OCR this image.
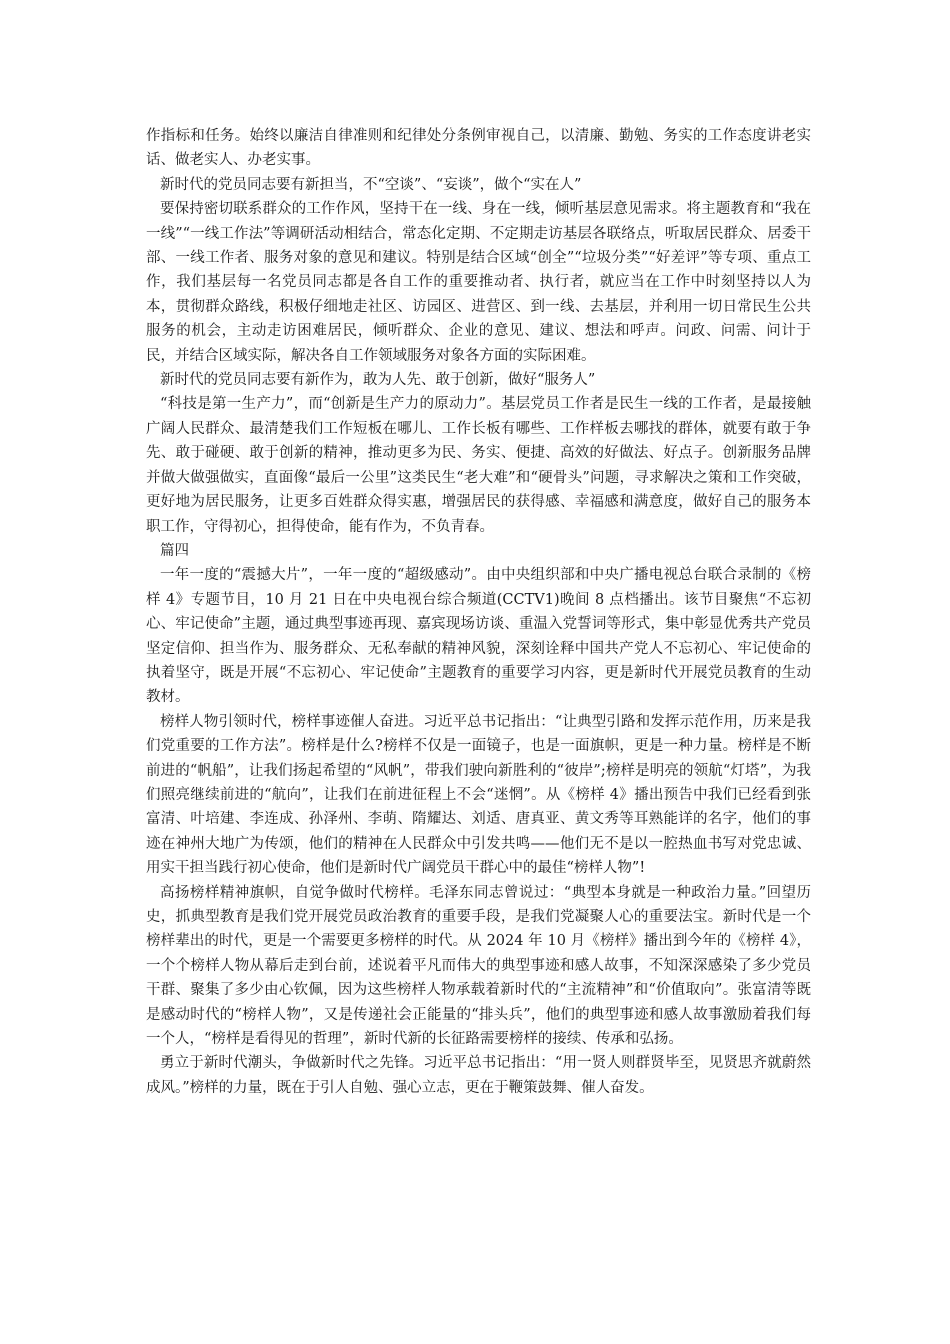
作指标和任务。始终以廉洁自律准则和纪律处分条例审视自己，以清廉、勤勉、务实的工作态度讲老实话、做老实人、办老实事。

新时代的党员同志要有新担当，不“空谈”、“妄谈”，做个“实在人”

要保持密切联系群众的工作作风，坚持干在一线、身在一线，倾听基层意见需求。将主题教育和“我在一线”“一线工作法”等调研活动相结合，常态化定期、不定期走访基层各联络点，听取居民群众、居委干部、一线工作者、服务对象的意见和建议。特别是结合区域“创全”“垃圾分类”“好差评”等专项、重点工作，我们基层每一名党员同志都是各自工作的重要推动者、执行者，就应当在工作中时刻坚持以人为本，贯彻群众路线，积极仔细地走社区、访园区、进营区、到一线、去基层，并利用一切日常民生公共服务的机会，主动走访困难居民，倾听群众、企业的意见、建议、想法和呼声。问政、问需、问计于民，并结合区域实际，解决各自工作领域服务对象各方面的实际困难。

新时代的党员同志要有新作为，敢为人先、敢于创新，做好“服务人”

“科技是第一生产力”，而“创新是生产力的原动力”。基层党员工作者是民生一线的工作者，是最接触广阔人民群众、最清楚我们工作短板在哪儿、工作长板有哪些、工作样板去哪找的群体，就要有敢于争先、敢于碰硬、敢于创新的精神，推动更多为民、务实、便捷、高效的好做法、好点子。创新服务品牌并做大做强做实，直面像“最后一公里”这类民生“老大难”和“硬骨头”问题，寻求解决之策和工作突破，更好地为居民服务，让更多百姓群众得实惠，增强居民的获得感、幸福感和满意度，做好自己的服务本职工作，守得初心，担得使命，能有作为，不负青春。

篇四

一年一度的“震撼大片”，一年一度的“超级感动”。由中央组织部和中央广播电视总台联合录制的《榜样 4》专题节目，10 月 21 日在中央电视台综合频道(CCTV1)晚间 8 点档播出。该节目聚焦“不忘初心、牢记使命”主题，通过典型事迹再现、嘉宾现场访谈、重温入党誓词等形式，集中彰显优秀共产党员坚定信仰、担当作为、服务群众、无私奉献的精神风貌，深刻诠释中国共产党人不忘初心、牢记使命的执着坚守，既是开展“不忘初心、牢记使命”主题教育的重要学习内容，更是新时代开展党员教育的生动教材。

榜样人物引领时代，榜样事迹催人奋进。习近平总书记指出：“让典型引路和发挥示范作用，历来是我们党重要的工作方法”。榜样是什么?榜样不仅是一面镜子，也是一面旗帜，更是一种力量。榜样是不断前进的“帆船”，让我们扬起希望的“风帆”，带我们驶向新胜利的“彼岸”;榜样是明亮的领航“灯塔”，为我们照亮继续前进的“航向”，让我们在前进征程上不会“迷惘”。从《榜样 4》播出预告中我们已经看到张富清、叶培建、李连成、孙泽州、李萌、隋耀达、刘适、唐真亚、黄文秀等耳熟能详的名字，他们的事迹在神州大地广为传颂，他们的精神在人民群众中引发共鸣——他们无不是以一腔热血书写对党忠诚、用实干担当践行初心使命，他们是新时代广阔党员干群心中的最佳“榜样人物”!

高扬榜样精神旗帜，自觉争做时代榜样。毛泽东同志曾说过：“典型本身就是一种政治力量。”回望历史，抓典型教育是我们党开展党员政治教育的重要手段，是我们党凝聚人心的重要法宝。新时代是一个榜样辈出的时代，更是一个需要更多榜样的时代。从 2024 年 10 月《榜样》播出到今年的《榜样 4》，一个个榜样人物从幕后走到台前，述说着平凡而伟大的典型事迹和感人故事，不知深深感染了多少党员干群、聚集了多少由心钦佩，因为这些榜样人物承载着新时代的“主流精神”和“价值取向”。张富清等既是感动时代的“榜样人物”，又是传递社会正能量的“排头兵”，他们的典型事迹和感人故事激励着我们每一个人，“榜样是看得见的哲理”，新时代新的长征路需要榜样的接续、传承和弘扬。

勇立于新时代潮头，争做新时代之先锋。习近平总书记指出：“用一贤人则群贤毕至，见贤思齐就蔚然成风。”榜样的力量，既在于引人自勉、强心立志，更在于鞭策鼓舞、催人奋发。
